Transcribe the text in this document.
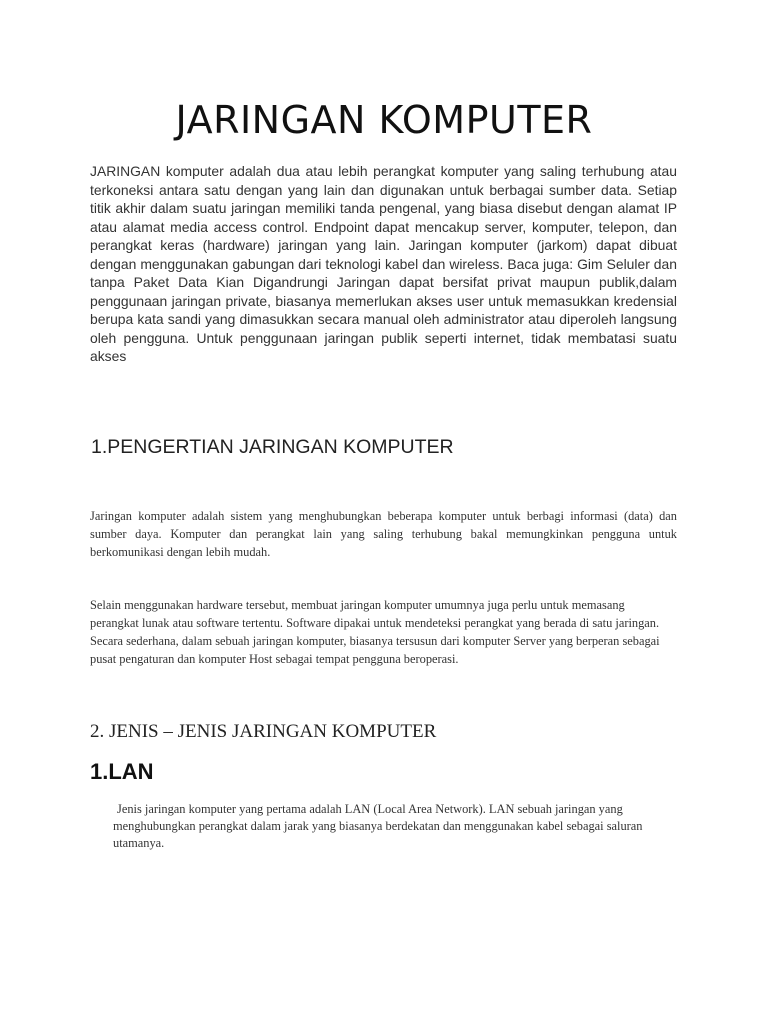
JARINGAN KOMPUTER

JARINGAN komputer adalah dua atau lebih perangkat komputer yang saling terhubung atau terkoneksi antara satu dengan yang lain dan digunakan untuk berbagai sumber data. Setiap titik akhir dalam suatu jaringan memiliki tanda pengenal, yang biasa disebut dengan alamat IP atau alamat media access control. Endpoint dapat mencakup server, komputer, telepon, dan perangkat keras (hardware) jaringan yang lain. Jaringan komputer (jarkom) dapat dibuat dengan menggunakan gabungan dari teknologi kabel dan wireless. Baca juga: Gim Seluler dan tanpa Paket Data Kian Digandrungi Jaringan dapat bersifat privat maupun publik,dalam penggunaan jaringan private, biasanya memerlukan akses user untuk memasukkan kredensial berupa kata sandi yang dimasukkan secara manual oleh administrator atau diperoleh langsung oleh pengguna. Untuk penggunaan jaringan publik seperti internet, tidak membatasi suatu akses

1.PENGERTIAN JARINGAN KOMPUTER

Jaringan komputer adalah sistem yang menghubungkan beberapa komputer untuk berbagi informasi (data) dan sumber daya. Komputer dan perangkat lain yang saling terhubung bakal memungkinkan pengguna untuk berkomunikasi dengan lebih mudah.

Selain menggunakan hardware tersebut, membuat jaringan komputer umumnya juga perlu untuk memasang perangkat lunak atau software tertentu. Software dipakai untuk mendeteksi perangkat yang berada di satu jaringan. Secara sederhana, dalam sebuah jaringan komputer, biasanya tersusun dari komputer Server yang berperan sebagai pusat pengaturan dan komputer Host sebagai tempat pengguna beroperasi.

2. JENIS – JENIS JARINGAN KOMPUTER
1.LAN

Jenis jaringan komputer yang pertama adalah LAN (Local Area Network). LAN sebuah jaringan yang menghubungkan perangkat dalam jarak yang biasanya berdekatan dan menggunakan kabel sebagai saluran utamanya.
